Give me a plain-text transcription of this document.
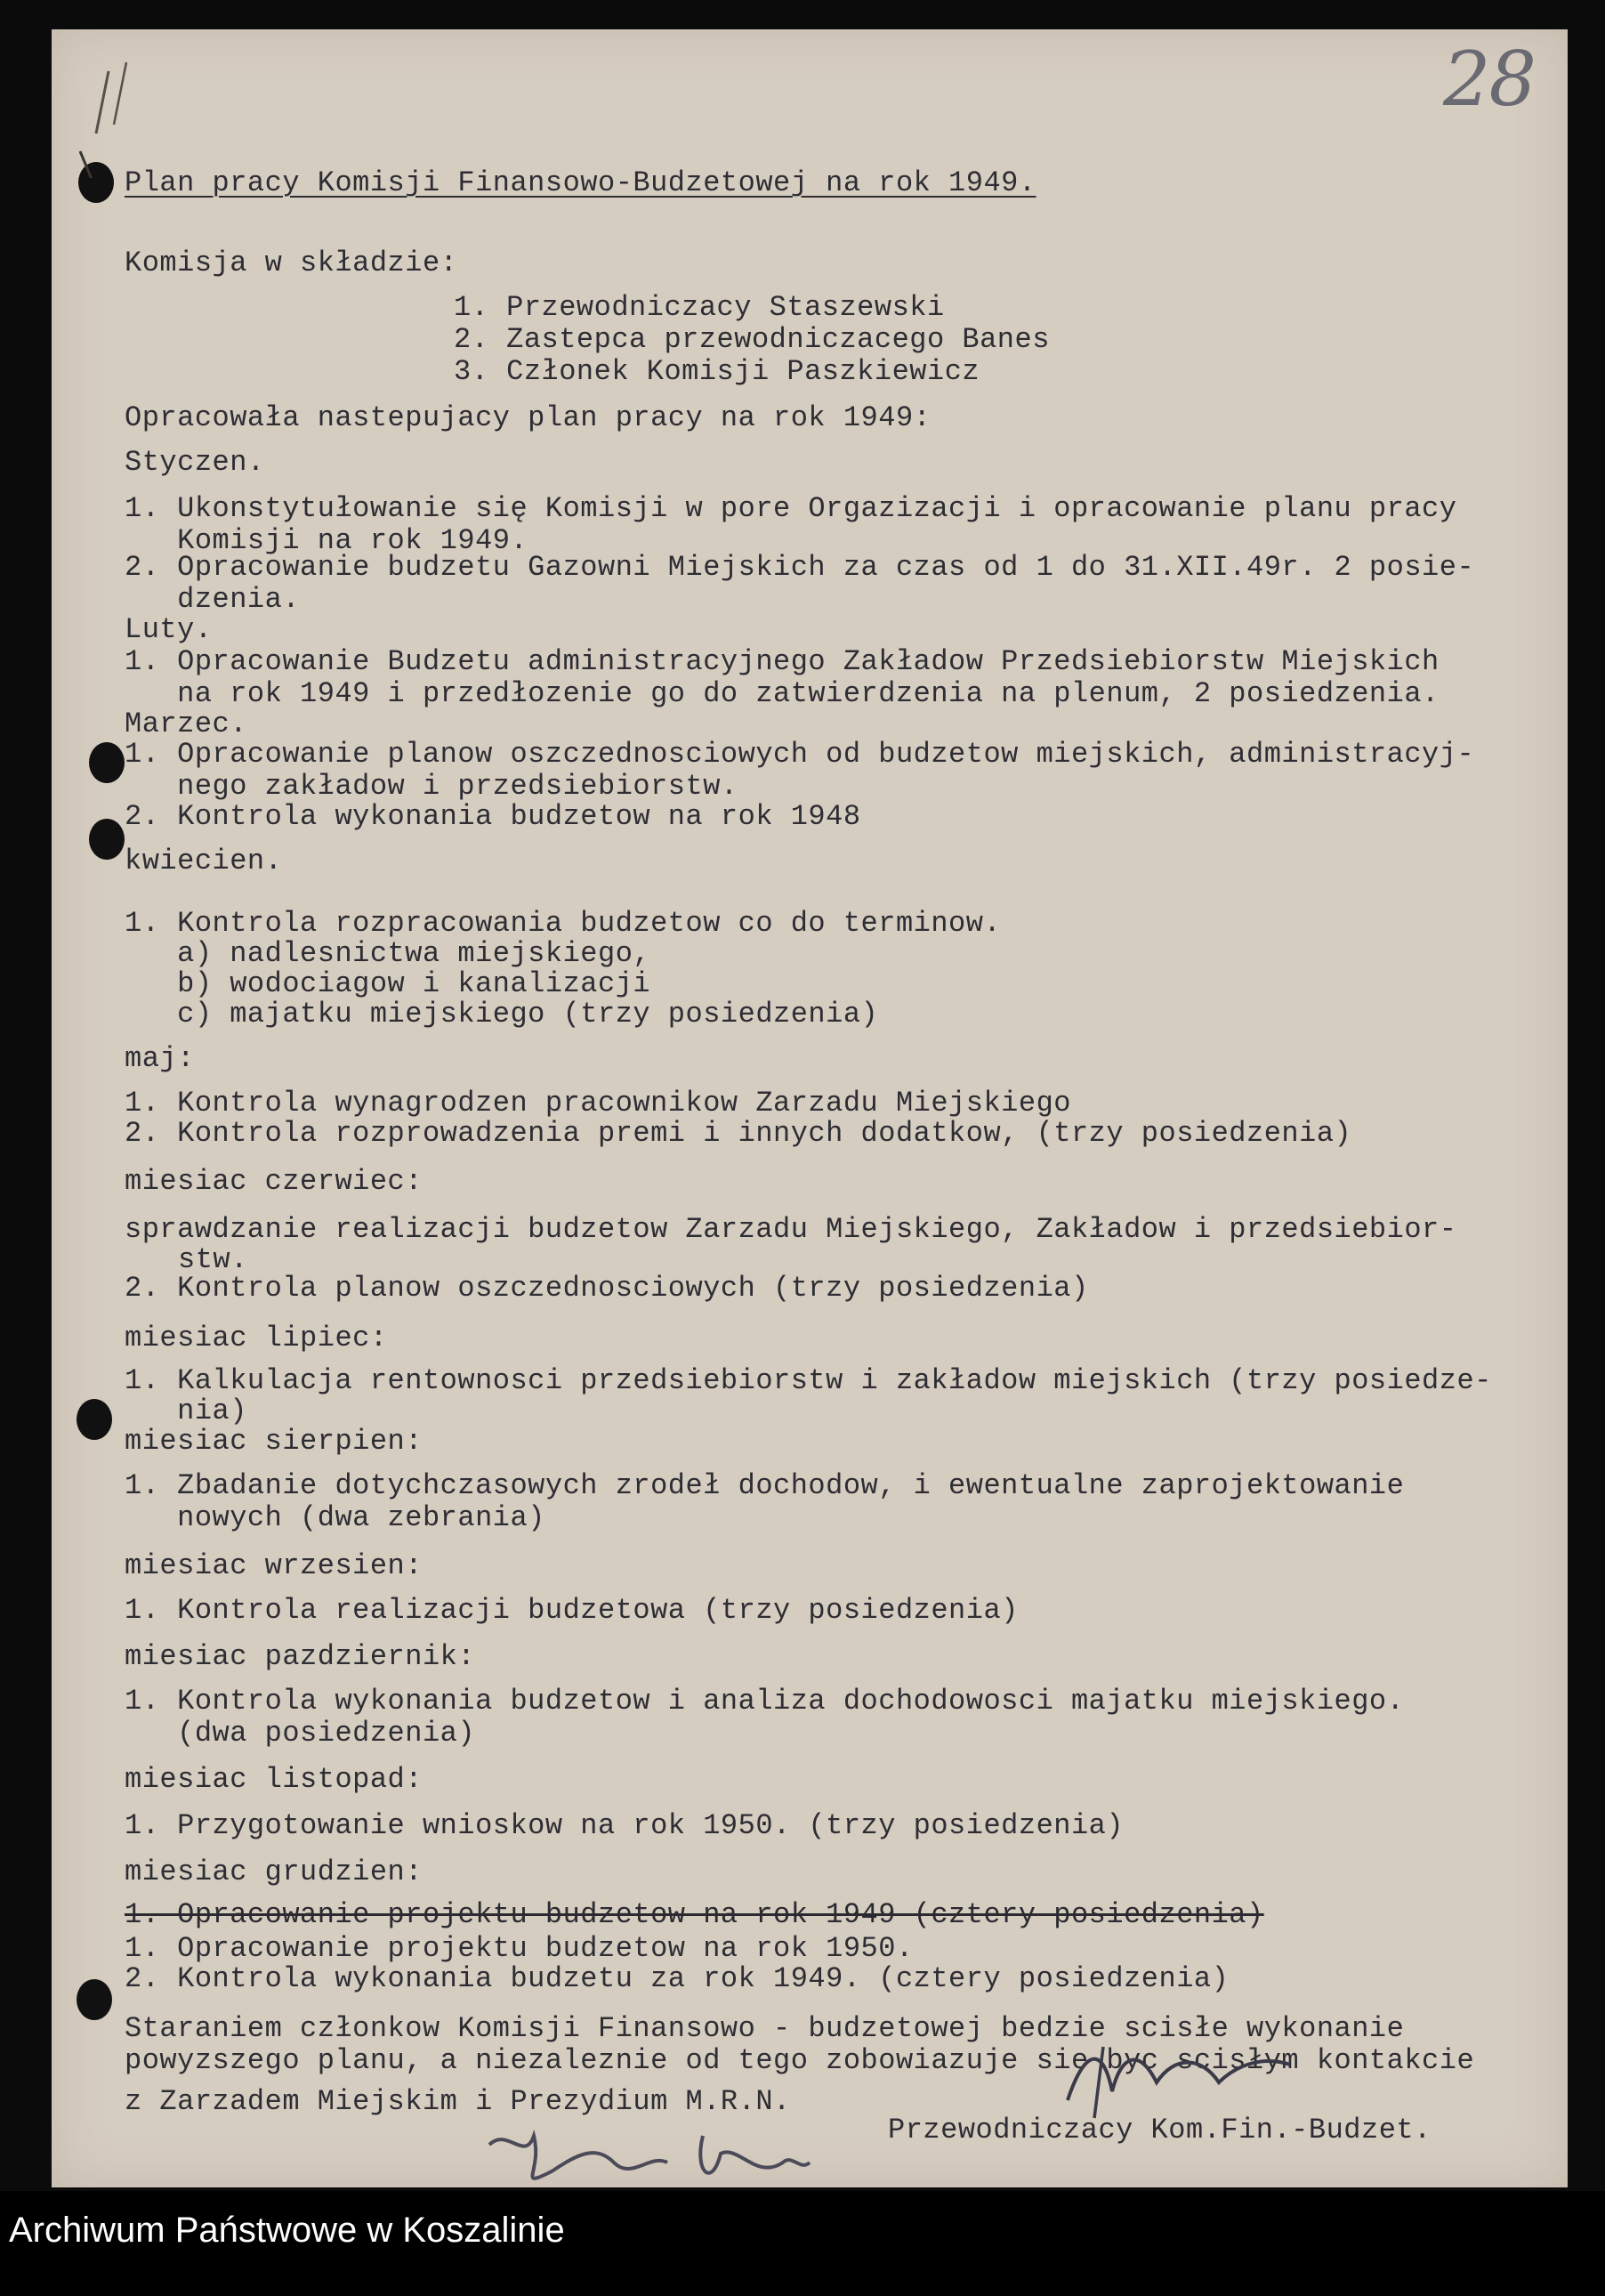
28
Plan pracy Komisji Finansowo-Budzetowej na rok 1949.
Komisja w składzie:
1. Przewodniczacy Staszewski
2. Zastepca przewodniczacego Banes
3. Członek Komisji Paszkiewicz
Opracowała nastepujacy plan pracy na rok 1949:
Styczen.
1. Ukonstytułowanie się Komisji w pore Orgazizacji i opracowanie planu pracy
Komisji na rok 1949.
2. Opracowanie budzetu Gazowni Miejskich za czas od 1 do 31.XII.49r. 2 posie-
dzenia.
Luty.
1. Opracowanie Budzetu administracyjnego Zakładow Przedsiebiorstw Miejskich
na rok 1949 i przedłozenie go do zatwierdzenia na plenum, 2 posiedzenia.
Marzec.
1. Opracowanie planow oszczednosciowych od budzetow miejskich, administracyj-
nego zakładow i przedsiebiorstw.
2. Kontrola wykonania budzetow na rok 1948
kwiecien.
1. Kontrola rozpracowania budzetow co do terminow.
a) nadlesnictwa miejskiego,
b) wodociagow i kanalizacji
c) majatku miejskiego (trzy posiedzenia)
maj:
1. Kontrola wynagrodzen pracownikow Zarzadu Miejskiego
2. Kontrola rozprowadzenia premi i innych dodatkow, (trzy posiedzenia)
miesiac czerwiec:
sprawdzanie realizacji budzetow Zarzadu Miejskiego, Zakładow i przedsiebior-
stw.
2. Kontrola planow oszczednosciowych (trzy posiedzenia)
miesiac lipiec:
1. Kalkulacja rentownosci przedsiebiorstw i zakładow miejskich (trzy posiedze-
nia)
miesiac sierpien:
1. Zbadanie dotychczasowych zrodeł dochodow, i ewentualne zaprojektowanie
nowych (dwa zebrania)
miesiac wrzesien:
1. Kontrola realizacji budzetowa (trzy posiedzenia)
miesiac pazdziernik:
1. Kontrola wykonania budzetow i analiza dochodowosci majatku miejskiego.
(dwa posiedzenia)
miesiac listopad:
1. Przygotowanie wnioskow na rok 1950. (trzy posiedzenia)
miesiac grudzien:
1. Opracowanie projektu budzetow na rok 1949 (cztery posiedzenia)
1. Opracowanie projektu budzetow na rok 1950.
2. Kontrola wykonania budzetu za rok 1949. (cztery posiedzenia)
Staraniem członkow Komisji Finansowo - budzetowej bedzie scisłe wykonanie
powyzszego planu, a niezaleznie od tego zobowiazuje sie byc scisłym kontakcie
z Zarzadem Miejskim i Prezydium M.R.N.
Przewodniczacy Kom.Fin.-Budzet.
Archiwum Państwowe w Koszalinie
